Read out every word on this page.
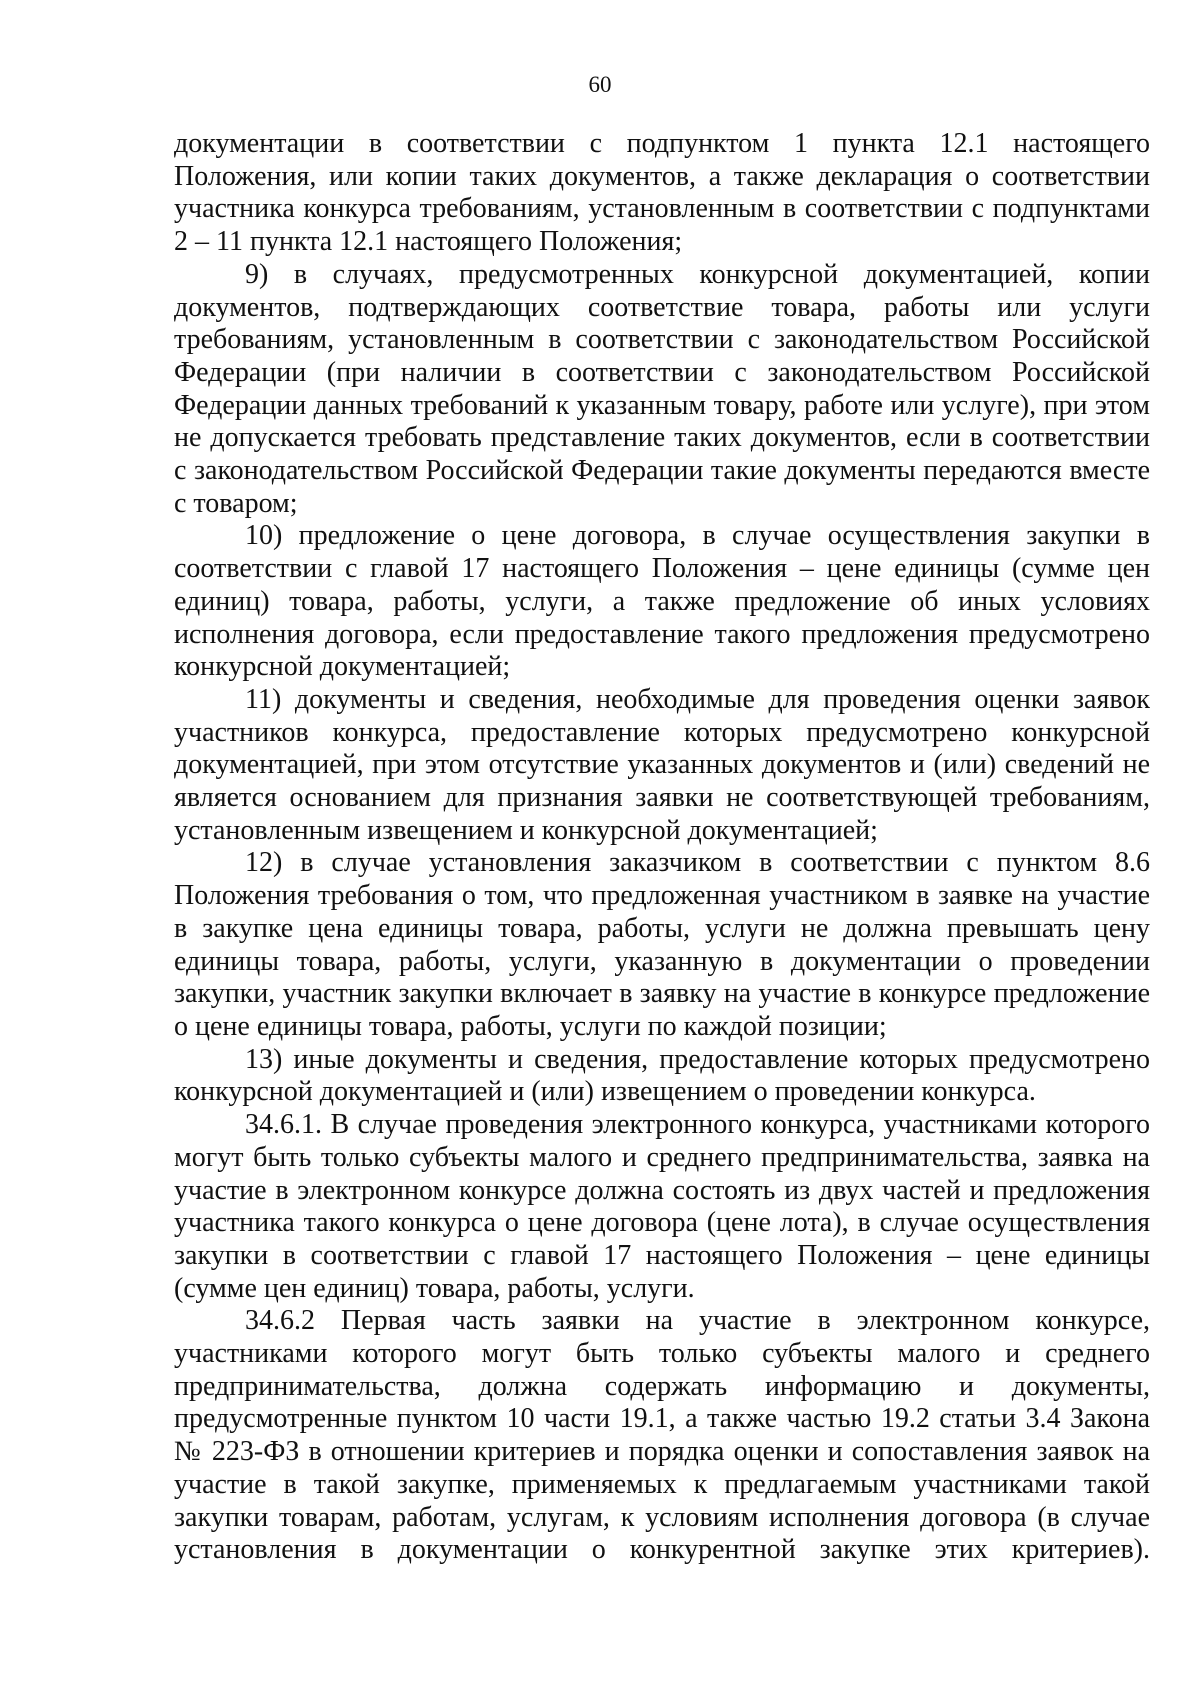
60

документации в соответствии с подпунктом 1 пункта 12.1 настоящего Положения, или копии таких документов, а также декларация о соответствии участника конкурса требованиям, установленным в соответствии с подпунктами 2 – 11 пункта 12.1 настоящего Положения;

9) в случаях, предусмотренных конкурсной документацией, копии документов, подтверждающих соответствие товара, работы или услуги требованиям, установленным в соответствии с законодательством Российской Федерации (при наличии в соответствии с законодательством Российской Федерации данных требований к указанным товару, работе или услуге), при этом не допускается требовать представление таких документов, если в соответствии с законодательством Российской Федерации такие документы передаются вместе с товаром;

10) предложение о цене договора, в случае осуществления закупки в соответствии с главой 17 настоящего Положения – цене единицы (сумме цен единиц) товара, работы, услуги, а также предложение об иных условиях исполнения договора, если предоставление такого предложения предусмотрено конкурсной документацией;

11) документы и сведения, необходимые для проведения оценки заявок участников конкурса, предоставление которых предусмотрено конкурсной документацией, при этом отсутствие указанных документов и (или) сведений не является основанием для признания заявки не соответствующей требованиям, установленным извещением и конкурсной документацией;

12) в случае установления заказчиком в соответствии с пунктом 8.6 Положения требования о том, что предложенная участником в заявке на участие в закупке цена единицы товара, работы, услуги не должна превышать цену единицы товара, работы, услуги, указанную в документации о проведении закупки, участник закупки включает в заявку на участие в конкурсе предложение о цене единицы товара, работы, услуги по каждой позиции;

13) иные документы и сведения, предоставление которых предусмотрено конкурсной документацией и (или) извещением о проведении конкурса.

34.6.1. В случае проведения электронного конкурса, участниками которого могут быть только субъекты малого и среднего предпринимательства, заявка на участие в электронном конкурсе должна состоять из двух частей и предложения участника такого конкурса о цене договора (цене лота), в случае осуществления закупки в соответствии с главой 17 настоящего Положения – цене единицы (сумме цен единиц) товара, работы, услуги.

34.6.2 Первая часть заявки на участие в электронном конкурсе, участниками которого могут быть только субъекты малого и среднего предпринимательства, должна содержать информацию и документы, предусмотренные пунктом 10 части 19.1, а также частью 19.2 статьи 3.4 Закона № 223-ФЗ в отношении критериев и порядка оценки и сопоставления заявок на участие в такой закупке, применяемых к предлагаемым участниками такой закупки товарам, работам, услугам, к условиям исполнения договора (в случае установления в документации о конкурентной закупке этих критериев).
